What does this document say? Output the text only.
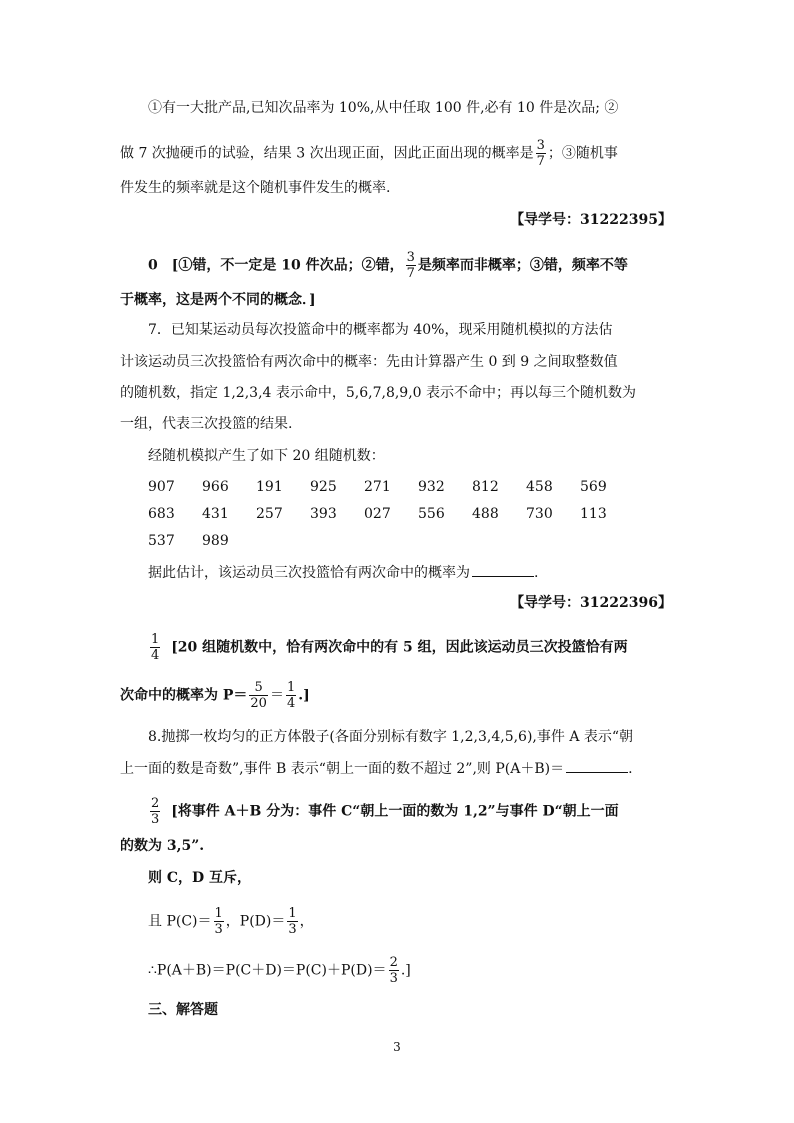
①有一大批产品,已知次品率为 10%,从中任取 100 件,必有 10 件是次品; ②
做 7 次抛硬币的试验，结果 3 次出现正面，因此正面出现的概率是 $\frac{3}{7}$ ；③随机事
件发生的频率就是这个随机事件发生的概率.
【导学号：31222395】
0　[①错，不一定是 10 件次品；②错， $\frac{3}{7}$ 是频率而非概率；③错，频率不等
于概率，这是两个不同的概念．]
7．已知某运动员每次投篮命中的概率都为 40%，现采用随机模拟的方法估
计该运动员三次投篮恰有两次命中的概率：先由计算器产生 0 到 9 之间取整数值
的随机数，指定 1,2,3,4 表示命中，5,6,7,8,9,0 表示不命中；再以每三个随机数为
一组，代表三次投篮的结果.
经随机模拟产生了如下 20 组随机数：
907 966 191 925 271 932 812 458 569
683 431 257 393 027 556 488 730 113
537 989
据此估计，该运动员三次投篮恰有两次命中的概率为	.
【导学号：31222396】
$\frac{1}{4} [20$ 组随机数中，恰有两次命中的有 5 组，因此该运动员三次投篮恰有两
次命中的概率为 $P= \frac{5}{20} = \frac{1}{4}$ .]
8.抛掷一枚均匀的正方体骰子(各面分别标有数字 1,2,3,4,5,6),事件 A 表示“朝
上一面的数是奇数”,事件 B 表示“朝上一面的数不超过 2”,则 P(A＋B)＝	.
$\frac{2}{3}$ [将事件 A＋B 分为：事件 C“朝上一面的数为 1,2”与事件 D“朝上一面
的数为 3,5”.
则 C，D 互斥，
且 $P(C)= \frac{1}{3}$ ，$P(D)= \frac{1}{3}$ ，
∴P(A＋B)＝P(C＋D)＝P(C)＋P(D)＝ $\frac{2}{3}$ .]
三、解答题
3
